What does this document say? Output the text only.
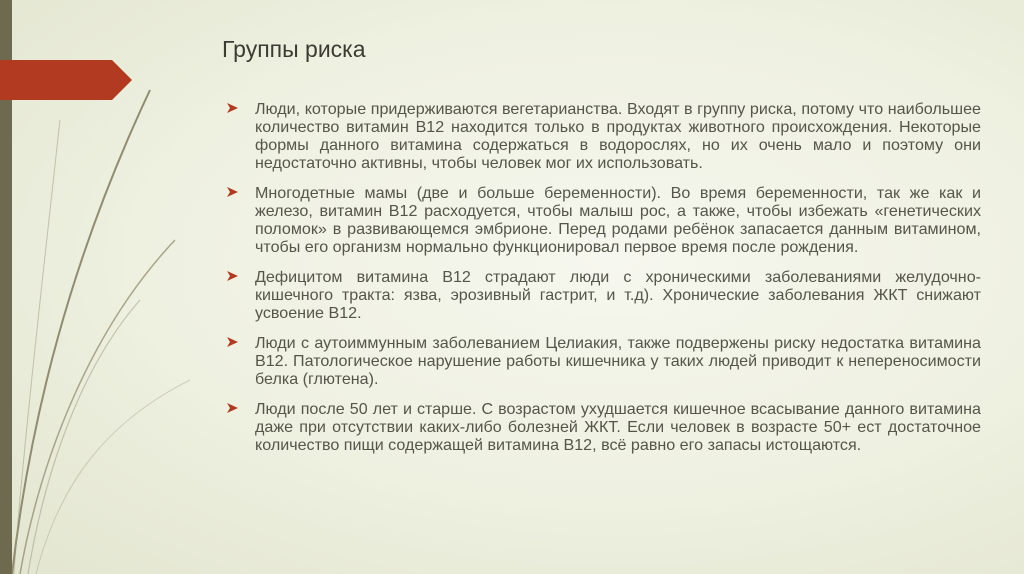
Группы риска
Люди, которые придерживаются вегетарианства. Входят в группу риска, потому что наибольшее количество витамин В12 находится только в продуктах животного происхождения. Некоторые формы данного витамина содержаться в водорослях, но их очень мало и поэтому они недостаточно активны, чтобы человек мог их использовать.
Многодетные мамы (две и больше беременности). Во время беременности, так же как и железо, витамин В12 расходуется, чтобы малыш рос, а также, чтобы избежать «генетических поломок» в развивающемся эмбрионе. Перед родами ребёнок запасается данным витамином, чтобы его организм нормально функционировал первое время после рождения.
Дефицитом витамина В12 страдают люди с хроническими заболеваниями желудочно-кишечного тракта: язва, эрозивный гастрит, и т.д). Хронические заболевания ЖКТ снижают усвоение В12.
Люди с аутоиммунным заболеванием Целиакия, также подвержены риску недостатка витамина В12. Патологическое нарушение работы кишечника у таких людей приводит к непереносимости белка (глютена).
Люди после 50 лет и старше. С возрастом ухудшается кишечное всасывание данного витамина даже при отсутствии каких-либо болезней ЖКТ. Если человек в возрасте 50+ ест достаточное количество пищи содержащей витамина В12, всё равно его запасы истощаются.
